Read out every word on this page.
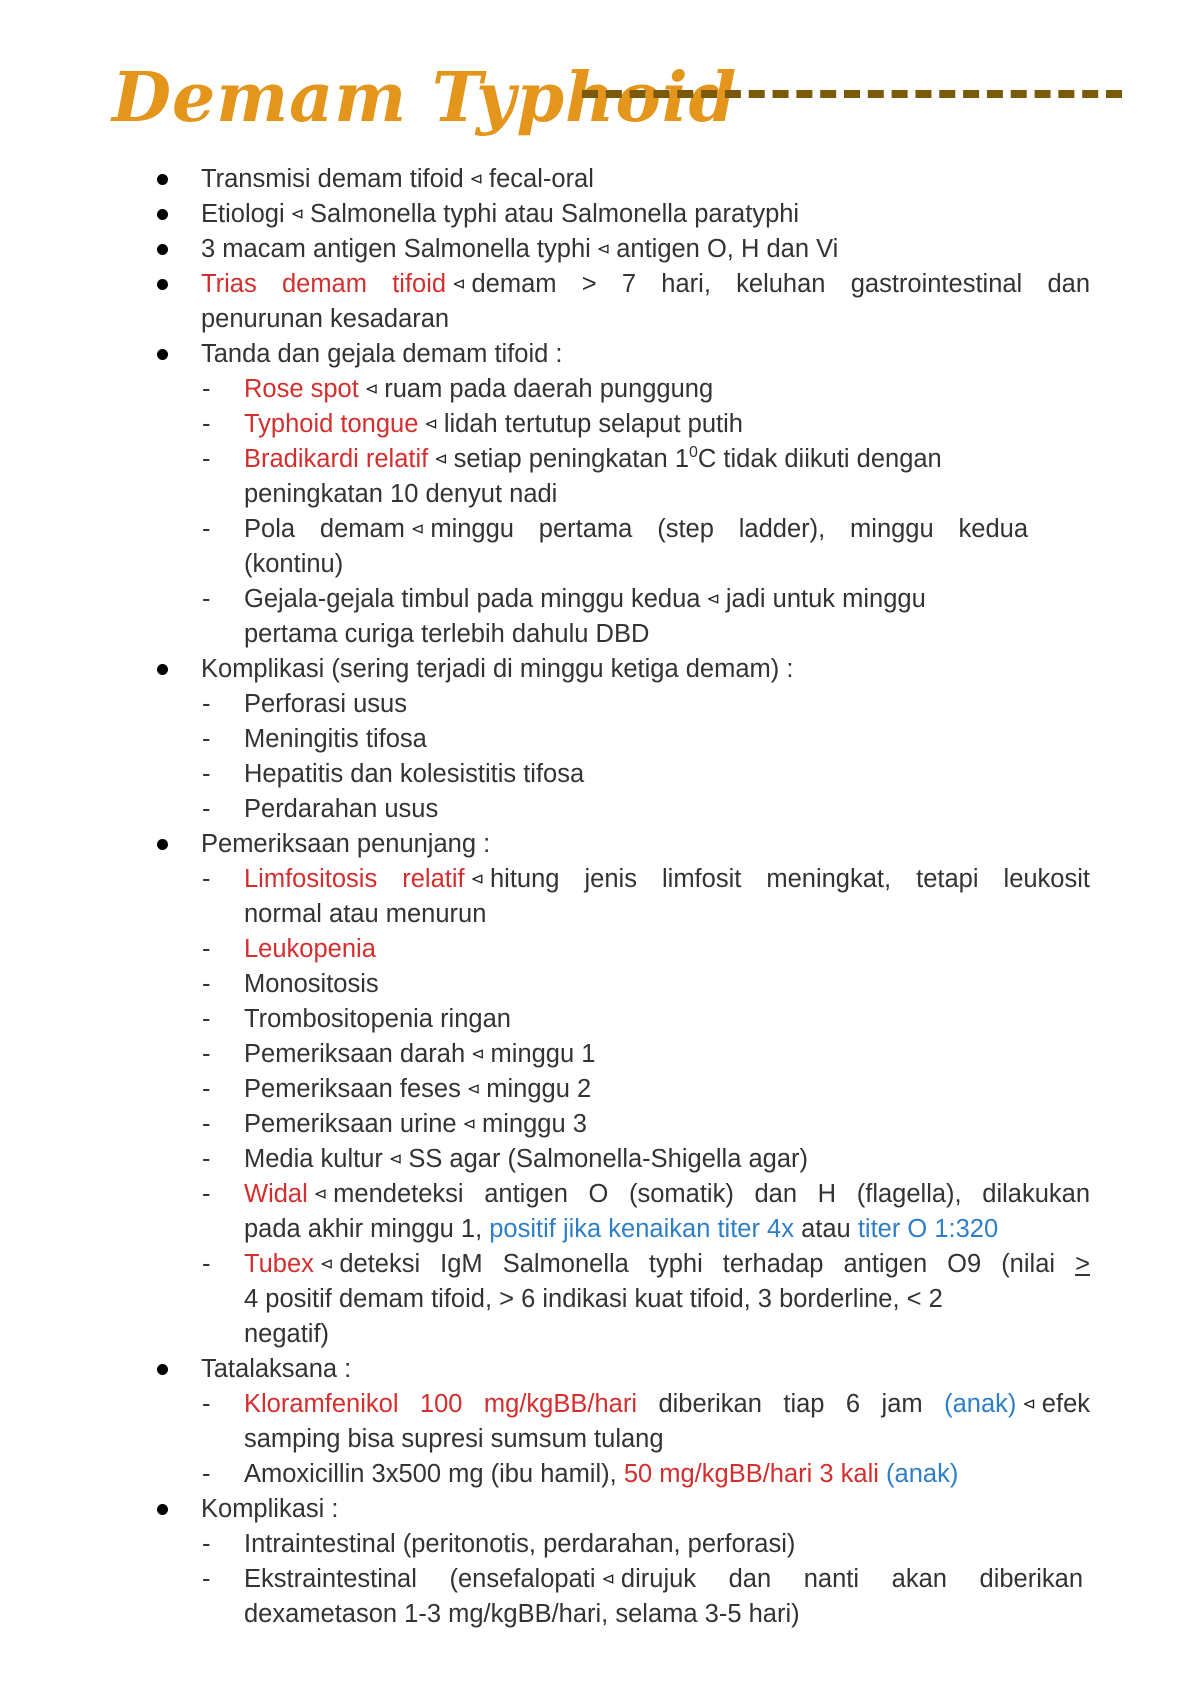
Demam Typhoid
Transmisi demam tifoid ⊲ fecal-oral
Etiologi ⊲ Salmonella typhi atau Salmonella paratyphi
3 macam antigen Salmonella typhi ⊲ antigen O, H dan Vi
Trias demam tifoid ⊲ demam > 7 hari, keluhan gastrointestinal dan
penurunan kesadaran
Tanda dan gejala demam tifoid :
- Rose spot ⊲ ruam pada daerah punggung
- Typhoid tongue ⊲ lidah tertutup selaput putih
- Bradikardi relatif ⊲ setiap peningkatan $1^0C$ tidak diikuti dengan
peningkatan 10 denyut nadi
- Pola demam ⊲ minggu pertama (step ladder), minggu kedua
(kontinu)
- Gejala-gejala timbul pada minggu kedua ⊲ jadi untuk minggu
pertama curiga terlebih dahulu DBD
Komplikasi (sering terjadi di minggu ketiga demam) :
- Perforasi usus
- Meningitis tifosa
- Hepatitis dan kolesistitis tifosa
- Perdarahan usus
Pemeriksaan penunjang :
- Limfositosis relatif ⊲ hitung jenis limfosit meningkat, tetapi leukosit
normal atau menurun
- Leukopenia
- Monositosis
- Trombositopenia ringan
- Pemeriksaan darah ⊲ minggu 1
- Pemeriksaan feses ⊲ minggu 2
- Pemeriksaan urine ⊲ minggu 3
- Media kultur ⊲ SS agar (Salmonella-Shigella agar)
- Widal ⊲ mendeteksi antigen O (somatik) dan H (flagella), dilakukan
pada akhir minggu 1, positif jika kenaikan titer 4x atau titer O 1:320
- Tubex ⊲ deteksi IgM Salmonella typhi terhadap antigen O9 (nilai >
4 positif demam tifoid, > 6 indikasi kuat tifoid, 3 borderline, < 2
negatif)
Tatalaksana :
- Kloramfenikol 100 mg/kgBB/hari diberikan tiap 6 jam (anak) ⊲ efek
samping bisa supresi sumsum tulang
- Amoxicillin 3x500 mg (ibu hamil), 50 mg/kgBB/hari 3 kali (anak)
Komplikasi :
- Intraintestinal (peritonotis, perdarahan, perforasi)
- Ekstraintestinal (ensefalopati ⊲ dirujuk dan nanti akan diberikan
dexametason 1-3 mg/kgBB/hari, selama 3-5 hari)
